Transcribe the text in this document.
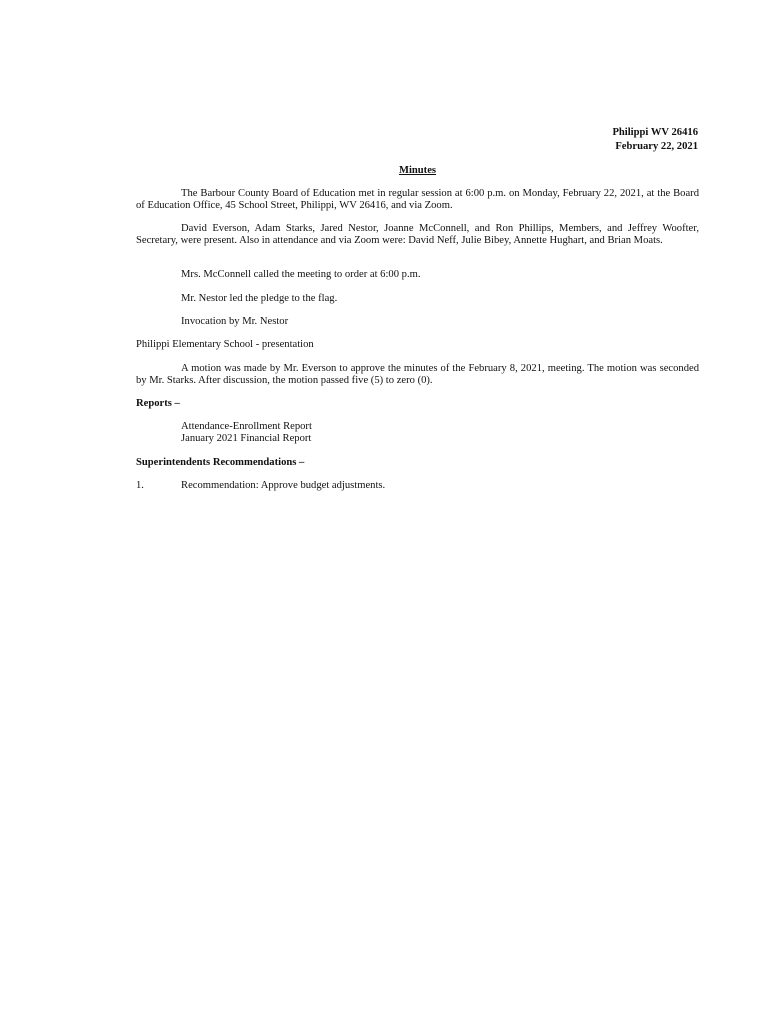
Philippi WV 26416
February 22, 2021
Minutes
The Barbour County Board of Education met in regular session at 6:00 p.m. on Monday, February 22, 2021, at the Board of Education Office, 45 School Street, Philippi, WV 26416, and via Zoom.
David Everson, Adam Starks, Jared Nestor, Joanne McConnell, and Ron Phillips, Members, and Jeffrey Woofter, Secretary, were present. Also in attendance and via Zoom were: David Neff, Julie Bibey, Annette Hughart, and Brian Moats.
Mrs. McConnell called the meeting to order at 6:00 p.m.
Mr. Nestor led the pledge to the flag.
Invocation by Mr. Nestor
Philippi Elementary School - presentation
A motion was made by Mr. Everson to approve the minutes of the February 8, 2021, meeting. The motion was seconded by Mr. Starks. After discussion, the motion passed five (5) to zero (0).
Reports –
Attendance-Enrollment Report
January 2021 Financial Report
Superintendents Recommendations –
1.	Recommendation: Approve budget adjustments.
